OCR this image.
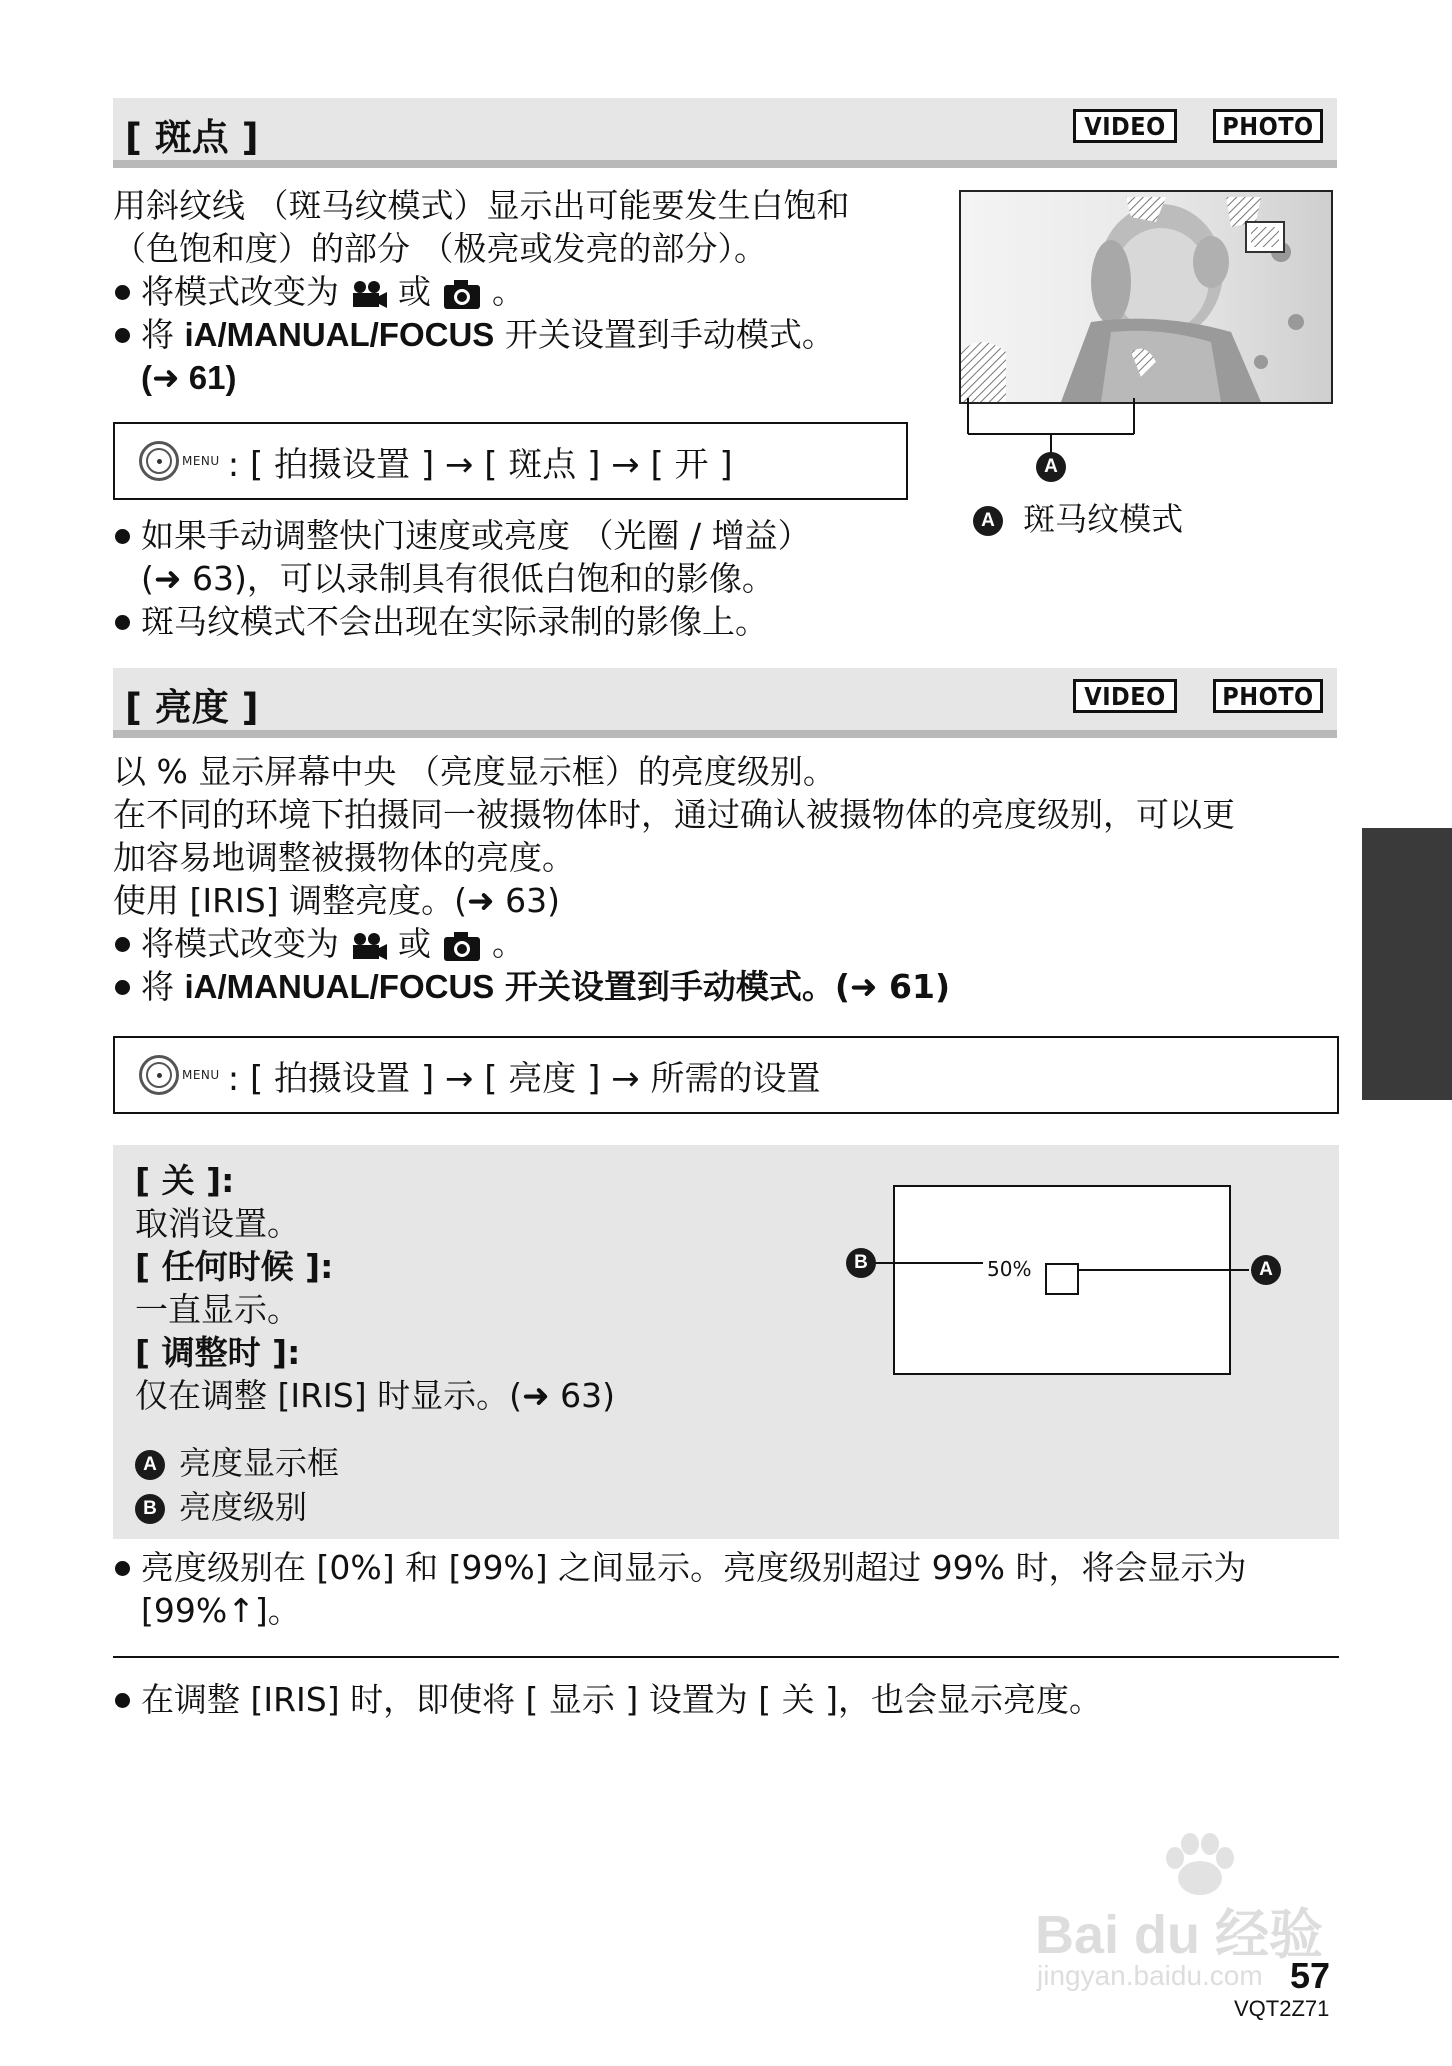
[ 斑点 ]	VIDEO	PHOTO
用斜纹线 （斑马纹模式）显示出可能要发生白饱和
（色饱和度）的部分 （极亮或发亮的部分）。
将模式改变为 或 。
将 iA/MANUAL/FOCUS 开关设置到手动模式。
(➜ 61)
A
A 斑马纹模式
MENU : [ 拍摄设置 ] → [ 斑点 ] → [ 开 ]
如果手动调整快门速度或亮度 （光圈 / 增益）
(➜ 63)，可以录制具有很低白饱和的影像。
斑马纹模式不会出现在实际录制的影像上。
[ 亮度 ]	VIDEO	PHOTO
以 % 显示屏幕中央 （亮度显示框）的亮度级别。
在不同的环境下拍摄同一被摄物体时，通过确认被摄物体的亮度级别，可以更
加容易地调整被摄物体的亮度。
使用 [IRIS] 调整亮度。(➜ 63)
将模式改变为 或 。
将 iA/MANUAL/FOCUS 开关设置到手动模式。(➜ 61)
MENU : [ 拍摄设置 ] → [ 亮度 ] → 所需的设置
[ 关 ]:
取消设置。
[ 任何时候 ]:
一直显示。
[ 调整时 ]:
仅在调整 [IRIS] 时显示。(➜ 63)
50%
B	A
A 亮度显示框
B 亮度级别
亮度级别在 [0%] 和 [99%] 之间显示。亮度级别超过 99% 时，将会显示为
[99%↑]。
在调整 [IRIS] 时，即使将 [ 显示 ] 设置为 [ 关 ]，也会显示亮度。
Bai du 经验
jingyan.baidu.com 57
VQT2Z71
